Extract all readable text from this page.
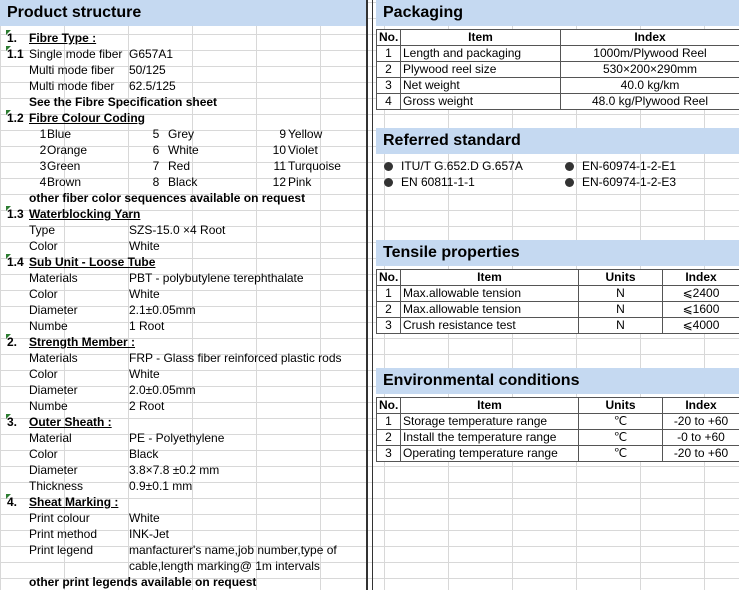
Product structure
1. Fibre Type :
1.1 Single mode fiber G657A1
Multi mode fiber	50/125
Multi mode fiber	62.5/125
See the Fibre Specification sheet
1.2 Fibre Colour Coding
1 Blue	5 Grey	9 Yellow
2 Orange	6 White	10 Violet
3 Green	7 Red	11 Turquoise
4 Brown	8 Black	12 Pink
other fiber color sequences available on request
1.3 Waterblocking Yarn
Type	SZS-15.0 ×4 Root
Color	White
1.4 Sub Unit - Loose Tube
Materials	PBT - polybutylene terephthalate
Color	White
Diameter	2.1±0.05mm
Numbe	1 Root
2. Strength Member :
Materials	FRP - Glass fiber reinforced plastic rods
Color	White
Diameter	2.0±0.05mm
Numbe	2 Root
3. Outer Sheath :
Material	PE - Polyethylene
Color	Black
Diameter	3.8×7.8 ±0.2 mm
Thickness	0.9±0.1 mm
4. Sheat Marking :
Print colour	White
Print method	INK-Jet
Print legend	manfacturer's name,job number,type of
cable,length marking@ 1m intervals
other print legends available on request
Packaging
No.	Item	Index
1	Length and packaging	1000m/Plywood Reel
2	Plywood reel size	530×200×290mm
3	Net weight	40.0 kg/km
4	Gross weight	48.0 kg/Plywood Reel
Referred standard
ITU/T G.652.D G.657A	EN-60974-1-2-E1
EN 60811-1-1	EN-60974-1-2-E3
Tensile properties
No.	Item	Units	Index
1	Max.allowable tension	N	⩽2400
2	Max.allowable tension	N	⩽1600
3	Crush resistance test	N	⩽4000
Environmental conditions
No.	Item	Units	Index
1	Storage temperature range	℃	-20 to +60
2	Install the temperature range	℃	-0 to +60
3	Operating temperature range	℃	-20 to +60
